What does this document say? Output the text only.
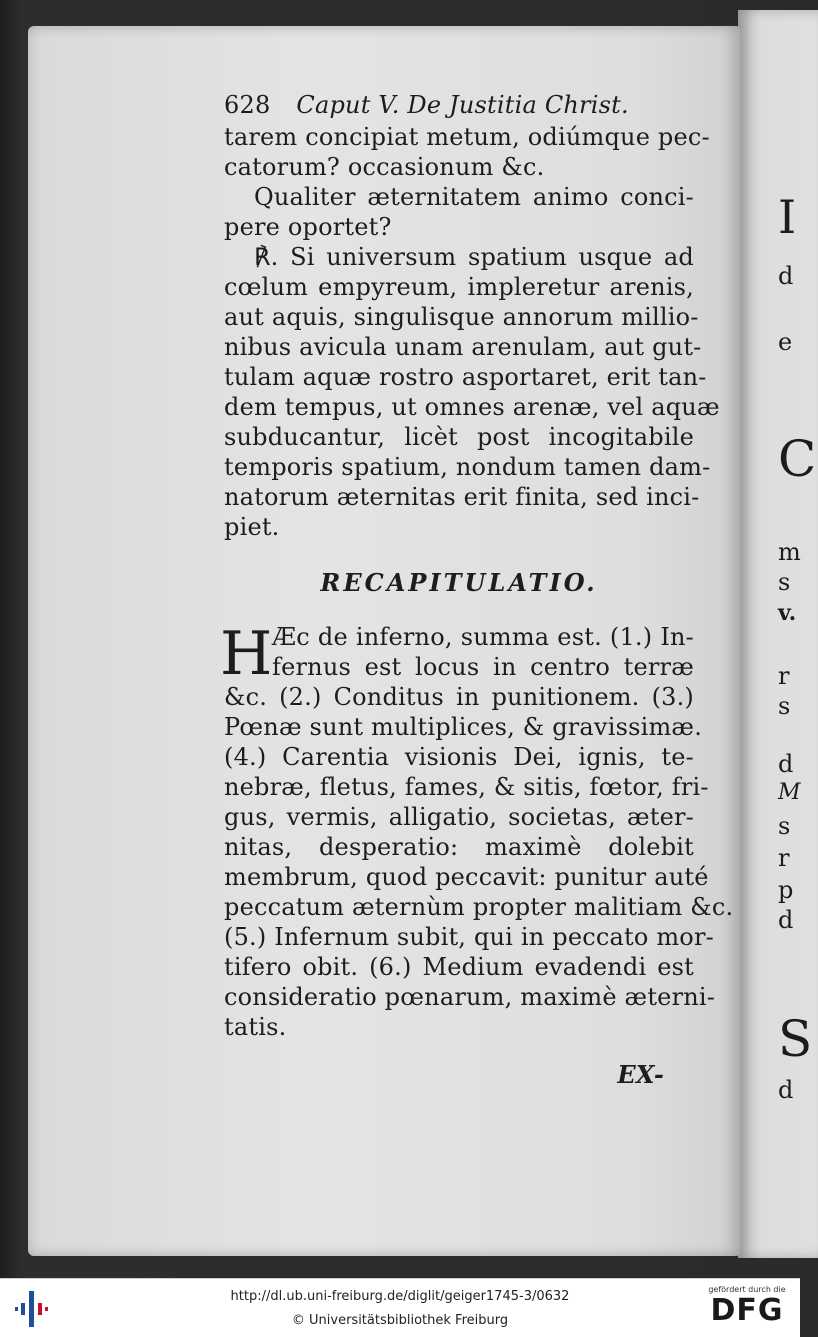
I
d
e
C
m
s
v.
r
s
d
M
s
r
p
d
S
d
628 Caput V. De Justitia Christ.
tarem concipiat metum, odiúmque pec-
catorum? occasionum &c.
Qualiter æternitatem animo conci-
pere oportet?
℟. Si universum spatium usque ad
cœlum empyreum, impleretur arenis,
aut aquis, singulisque annorum millio-
nibus avicula unam arenulam, aut gut-
tulam aquæ rostro asportaret, erit tan-
dem tempus, ut omnes arenæ, vel aquæ
subducantur, licèt post incogitabile
temporis spatium, nondum tamen dam-
natorum æternitas erit finita, sed inci-
piet.
RECAPITULATIO.
H Æc de inferno, summa est. (1.) In-
fernus est locus in centro terræ
&c. (2.) Conditus in punitionem. (3.)
Pœnæ sunt multiplices, & gravissimæ.
(4.) Carentia visionis Dei, ignis, te-
nebræ, fletus, fames, & sitis, fœtor, fri-
gus, vermis, alligatio, societas, æter-
nitas, desperatio: maximè dolebit
membrum, quod peccavit: punitur auté
peccatum æternùm propter malitiam &c.
(5.) Infernum subit, qui in peccato mor-
tifero obit. (6.) Medium evadendi est
consideratio pœnarum, maximè æterni-
tatis.
EX-
http://dl.ub.uni-freiburg.de/diglit/geiger1745-3/0632
© Universitätsbibliothek Freiburg
gefördert durch die
DFG
